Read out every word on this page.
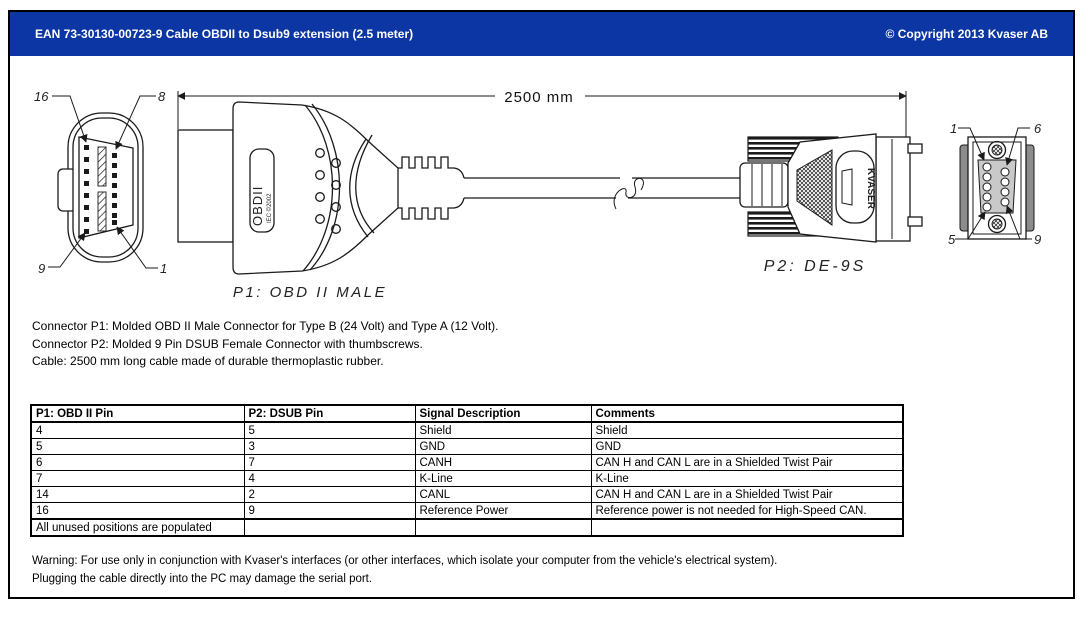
EAN 73-30130-00723-9 Cable OBDII to Dsub9 extension (2.5 meter)	© Copyright 2013 Kvaser AB
16	8
9	1
2500 mm
OBDII IEC ©2002
P1: OBD II MALE
KVASER
P2: DE-9S
1	6
5	9
Connector P1: Molded OBD II Male Connector for Type B (24 Volt) and Type A (12 Volt).
Connector P2: Molded 9 Pin DSUB Female Connector with thumbscrews.
Cable: 2500 mm long cable made of durable thermoplastic rubber.
P1: OBD II Pin	P2: DSUB Pin	Signal Description	Comments
4	5	Shield	Shield
5	3	GND	GND
6	7	CANH	CAN H and CAN L are in a Shielded Twist Pair
7	4	K-Line	K-Line
14	2	CANL	CAN H and CAN L are in a Shielded Twist Pair
16	9	Reference Power	Reference power is not needed for High-Speed CAN.
All unused positions are populated			
Warning: For use only in conjunction with Kvaser's interfaces (or other interfaces, which isolate your computer from the vehicle's electrical system).
Plugging the cable directly into the PC may damage the serial port.
